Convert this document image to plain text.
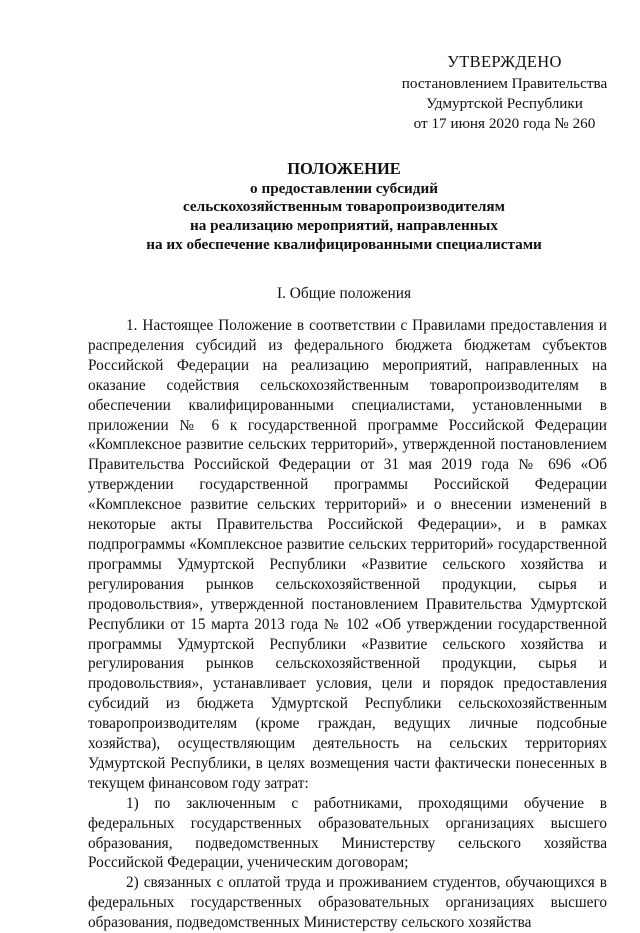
УТВЕРЖДЕНО
постановлением Правительства
Удмуртской Республики
от 17 июня 2020 года № 260
ПОЛОЖЕНИЕ
о предоставлении субсидий
сельскохозяйственным товаропроизводителям
на реализацию мероприятий, направленных
на их обеспечение квалифицированными специалистами
I. Общие положения

1. Настоящее Положение в соответствии с Правилами предоставления и распределения субсидий из федерального бюджета бюджетам субъектов Российской Федерации на реализацию мероприятий, направленных на оказание содействия сельскохозяйственным товаропроизводителям в обеспечении квалифицированными специалистами, установленными в приложении № 6 к государственной программе Российской Федерации «Комплексное развитие сельских территорий», утвержденной постановлением Правительства Российской Федерации от 31 мая 2019 года № 696 «Об утверждении государственной программы Российской Федерации «Комплексное развитие сельских территорий» и о внесении изменений в некоторые акты Правительства Российской Федерации», и в рамках подпрограммы «Комплексное развитие сельских территорий» государственной программы Удмуртской Республики «Развитие сельского хозяйства и регулирования рынков сельскохозяйственной продукции, сырья и продовольствия», утвержденной постановлением Правительства Удмуртской Республики от 15 марта 2013 года № 102 «Об утверждении государственной программы Удмуртской Республики «Развитие сельского хозяйства и регулирования рынков сельскохозяйственной продукции, сырья и продовольствия», устанавливает условия, цели и порядок предоставления субсидий из бюджета Удмуртской Республики сельскохозяйственным товаропроизводителям (кроме граждан, ведущих личные подсобные хозяйства), осуществляющим деятельность на сельских территориях Удмуртской Республики, в целях возмещения части фактически понесенных в текущем финансовом году затрат:

1) по заключенным с работниками, проходящими обучение в федеральных государственных образовательных организациях высшего образования, подведомственных Министерству сельского хозяйства Российской Федерации, ученическим договорам;

2) связанных с оплатой труда и проживанием студентов, обучающихся в федеральных государственных образовательных организациях высшего образования, подведомственных Министерству сельского хозяйства
